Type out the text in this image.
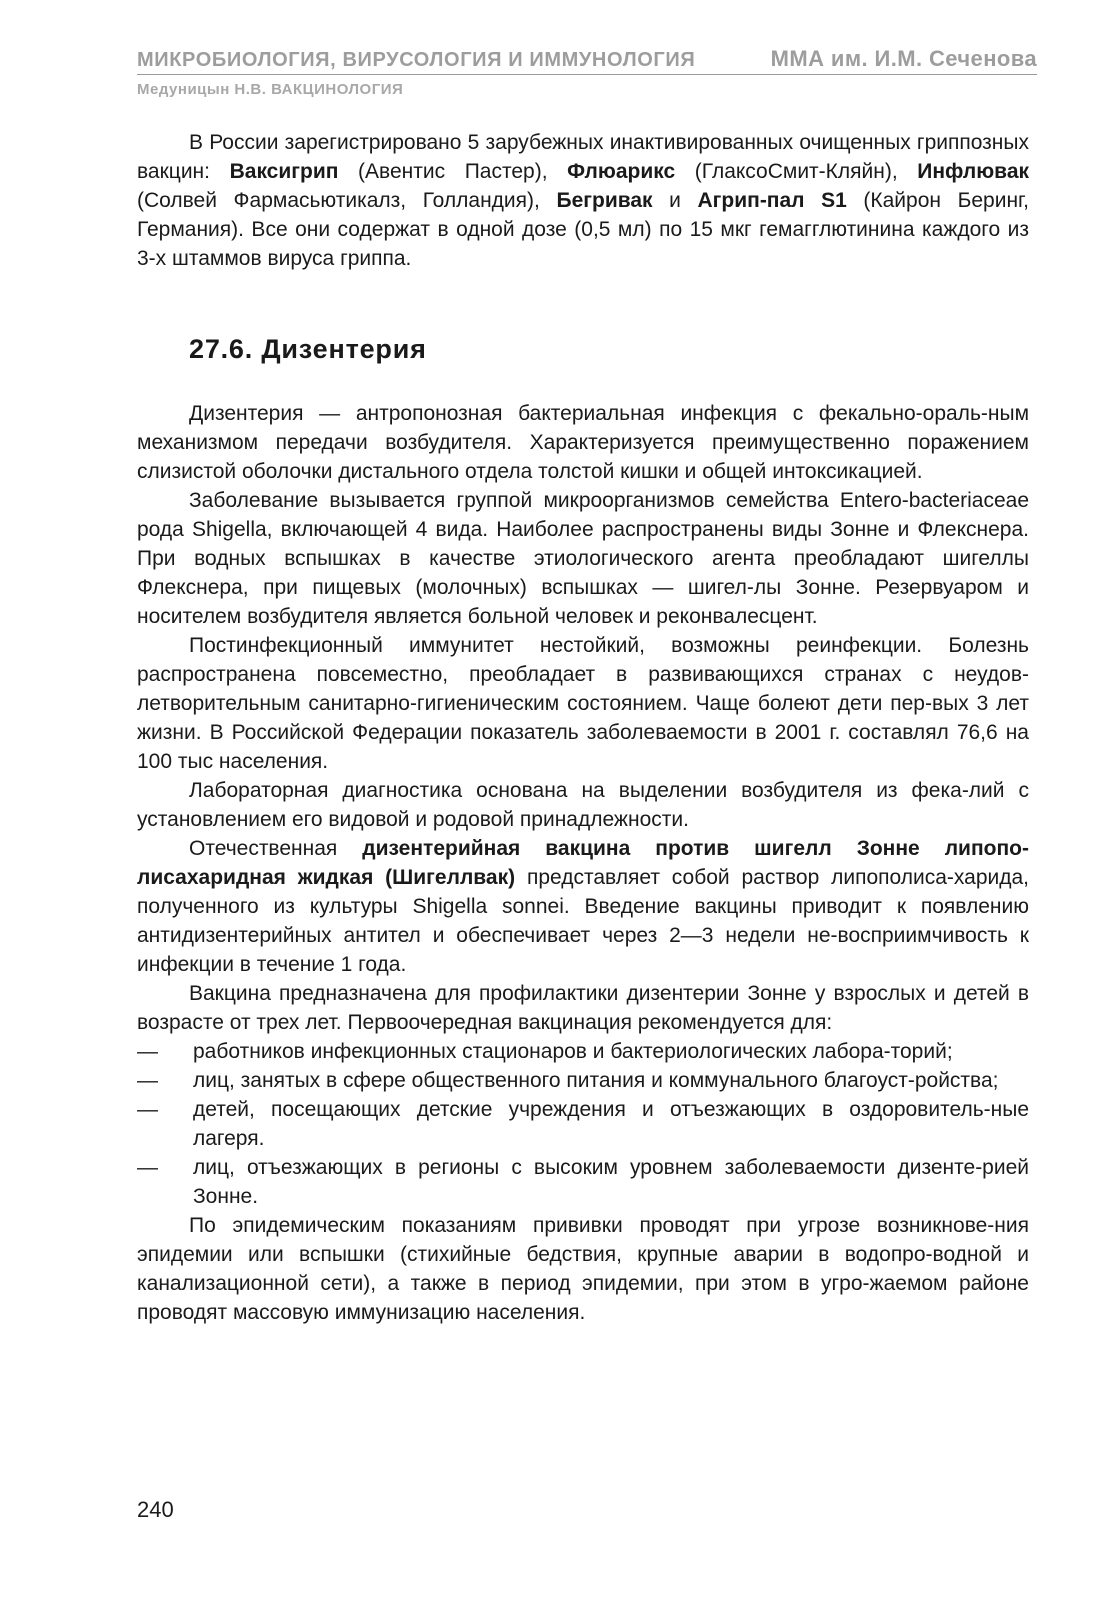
МИКРОБИОЛОГИЯ, ВИРУСОЛОГИЯ И ИММУНОЛОГИЯ	ММА им. И.М. Сеченова
Медуницын Н.В. ВАКЦИНОЛОГИЯ

В России зарегистрировано 5 зарубежных инактивированных очищенных гриппозных вакцин: Ваксигрип (Авентис Пастер), Флюарикс (ГлаксоСмит-Кляйн), Инфлювак (Солвей Фармасьютикалз, Голландия), Бегривак и Агрип-пал S1 (Кайрон Беринг, Германия). Все они содержат в одной дозе (0,5 мл) по 15 мкг гемагглютинина каждого из 3-х штаммов вируса гриппа.

27.6. Дизентерия

Дизентерия — антропонозная бактериальная инфекция с фекально-ораль-ным механизмом передачи возбудителя. Характеризуется преимущественно поражением слизистой оболочки дистального отдела толстой кишки и общей интоксикацией.

Заболевание вызывается группой микроорганизмов семейства Entero-bacteriaceae рода Shigella, включающей 4 вида. Наиболее распространены виды Зонне и Флекснера. При водных вспышках в качестве этиологического агента преобладают шигеллы Флекснера, при пищевых (молочных) вспышках — шигел-лы Зонне. Резервуаром и носителем возбудителя является больной человек и реконвалесцент.

Постинфекционный иммунитет нестойкий, возможны реинфекции. Болезнь распространена повсеместно, преобладает в развивающихся странах с неудов-летворительным санитарно-гигиеническим состоянием. Чаще болеют дети пер-вых 3 лет жизни. В Российской Федерации показатель заболеваемости в 2001 г. составлял 76,6 на 100 тыс населения.

Лабораторная диагностика основана на выделении возбудителя из фека-лий с установлением его видовой и родовой принадлежности.

Отечественная дизентерийная вакцина против шигелл Зонне липопо-лисахаридная жидкая (Шигеллвак) представляет собой раствор липополиса-харида, полученного из культуры Shigella sonnei. Введение вакцины приводит к появлению антидизентерийных антител и обеспечивает через 2—3 недели не-восприимчивость к инфекции в течение 1 года.

Вакцина предназначена для профилактики дизентерии Зонне у взрослых и детей в возрасте от трех лет. Первоочередная вакцинация рекомендуется для:

— работников инфекционных стационаров и бактериологических лабора-торий;
— лиц, занятых в сфере общественного питания и коммунального благоуст-ройства;
— детей, посещающих детские учреждения и отъезжающих в оздоровитель-ные лагеря.
— лиц, отъезжающих в регионы с высоким уровнем заболеваемости дизенте-рией Зонне.

По эпидемическим показаниям прививки проводят при угрозе возникнове-ния эпидемии или вспышки (стихийные бедствия, крупные аварии в водопро-водной и канализационной сети), а также в период эпидемии, при этом в угро-жаемом районе проводят массовую иммунизацию населения.

240
